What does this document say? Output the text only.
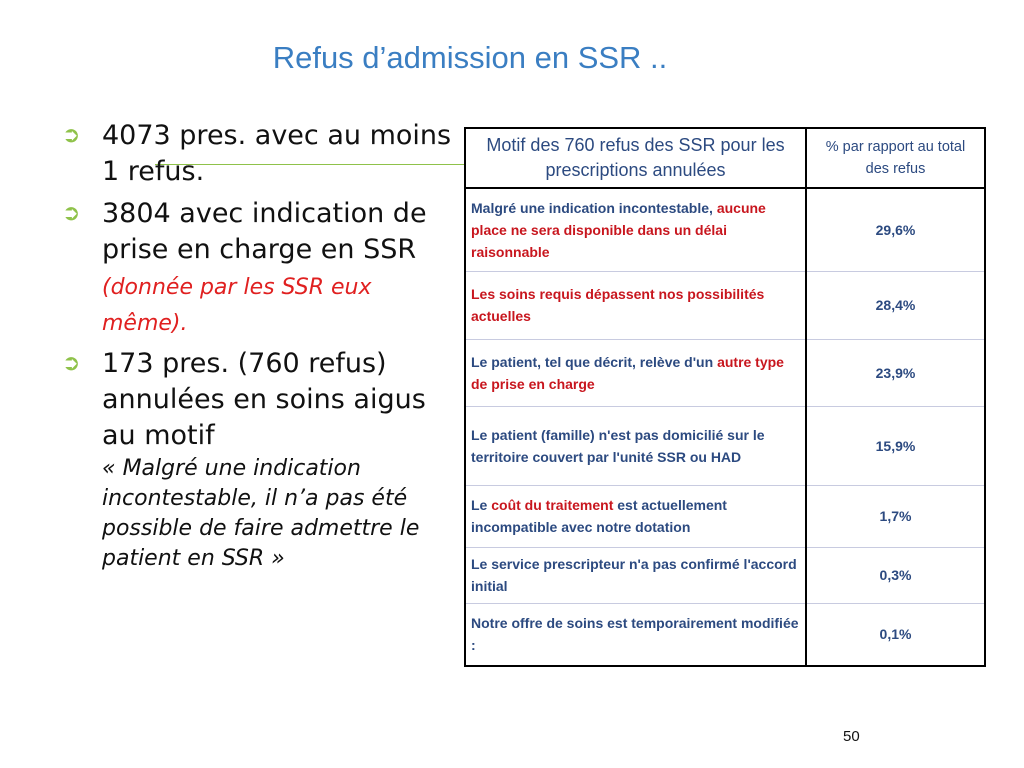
Refus d’admission en SSR ..
➲ 4073 pres. avec au moins 1 refus.
➲ 3804 avec indication de prise en charge en SSR (donnée par les SSR eux même).
➲ 173 pres. (760 refus) annulées en soins aigus au motif
« Malgré une indication incontestable, il n’a pas été possible de faire admettre le patient en SSR »
Motif des 760 refus des SSR pour les prescriptions annulées	% par rapport au total des refus
Malgré une indication incontestable, aucune place ne sera disponible dans un délai raisonnable	29,6%
Les soins requis dépassent nos possibilités actuelles	28,4%
Le patient, tel que décrit, relève d'un autre type de prise en charge	23,9%
Le patient (famille) n'est pas domicilié sur le territoire couvert par l'unité SSR ou HAD	15,9%
Le coût du traitement est actuellement incompatible avec notre dotation	1,7%
Le service prescripteur n'a pas confirmé l'accord initial	0,3%
Notre offre de soins est temporairement modifiée :	0,1%
50
